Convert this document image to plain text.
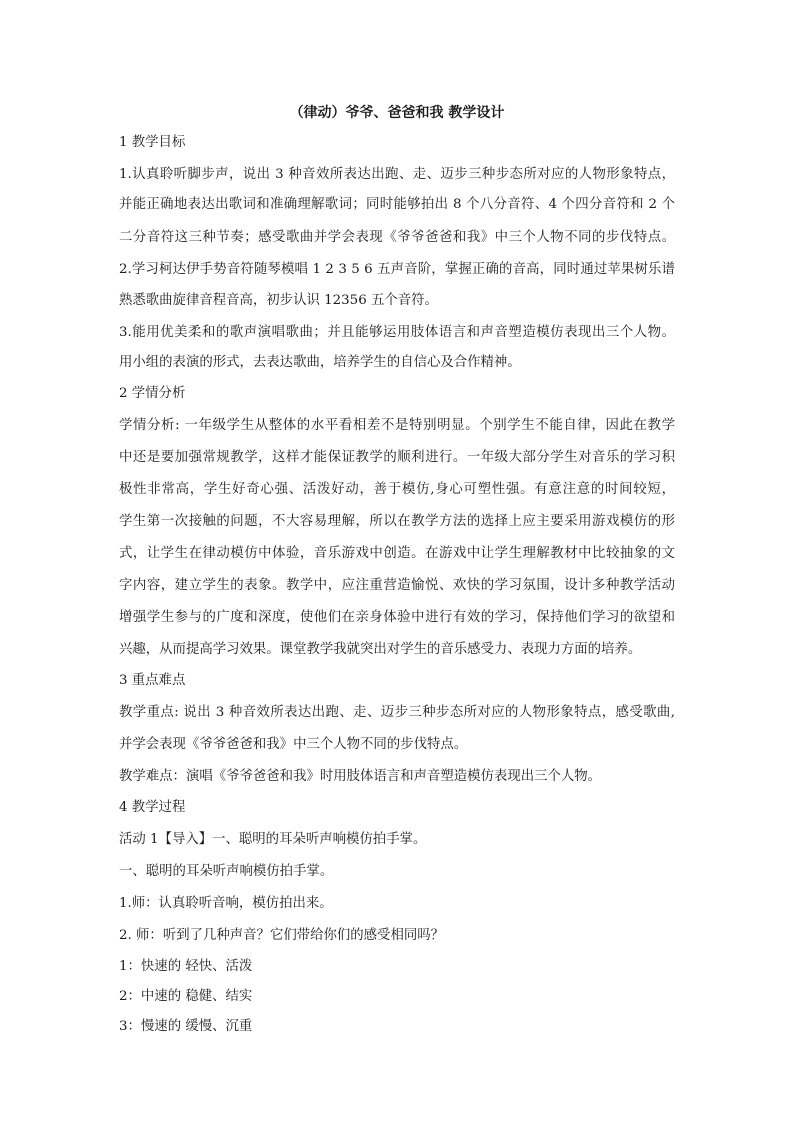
（律动）爷爷、爸爸和我 教学设计
1 教学目标
1.认真聆听脚步声，说出 3 种音效所表达出跑、走、迈步三种步态所对应的人物形象特点，
并能正确地表达出歌词和准确理解歌词；同时能够拍出 8 个八分音符、4 个四分音符和 2 个
二分音符这三种节奏；感受歌曲并学会表现《爷爷爸爸和我》中三个人物不同的步伐特点。
2.学习柯达伊手势音符随琴模唱 1 2 3 5 6 五声音阶，掌握正确的音高，同时通过苹果树乐谱
熟悉歌曲旋律音程音高，初步认识 12356 五个音符。
3.能用优美柔和的歌声演唱歌曲；并且能够运用肢体语言和声音塑造模仿表现出三个人物。
用小组的表演的形式，去表达歌曲，培养学生的自信心及合作精神。
2 学情分析
学情分析: 一年级学生从整体的水平看相差不是特别明显。个别学生不能自律，因此在教学
中还是要加强常规教学，这样才能保证教学的顺利进行。一年级大部分学生对音乐的学习积
极性非常高，学生好奇心强、活泼好动，善于模仿,身心可塑性强。有意注意的时间较短，
学生第一次接触的问题，不大容易理解，所以在教学方法的选择上应主要采用游戏模仿的形
式，让学生在律动模仿中体验，音乐游戏中创造。在游戏中让学生理解教材中比较抽象的文
字内容，建立学生的表象。教学中，应注重营造愉悦、欢快的学习氛围，设计多种教学活动
增强学生参与的广度和深度，使他们在亲身体验中进行有效的学习，保持他们学习的欲望和
兴趣，从而提高学习效果。课堂教学我就突出对学生的音乐感受力、表现力方面的培养。
3 重点难点
教学重点: 说出 3 种音效所表达出跑、走、迈步三种步态所对应的人物形象特点，感受歌曲,
并学会表现《爷爷爸爸和我》中三个人物不同的步伐特点。
教学难点：演唱《爷爷爸爸和我》时用肢体语言和声音塑造模仿表现出三个人物。
4 教学过程
活动 1【导入】一、聪明的耳朵听声响模仿拍手掌。
一、聪明的耳朵听声响模仿拍手掌。
1.师：认真聆听音响，模仿拍出来。
2. 师：听到了几种声音？它们带给你们的感受相同吗？
1：快速的 轻快、活泼
2：中速的 稳健、结实
3：慢速的 缓慢、沉重
